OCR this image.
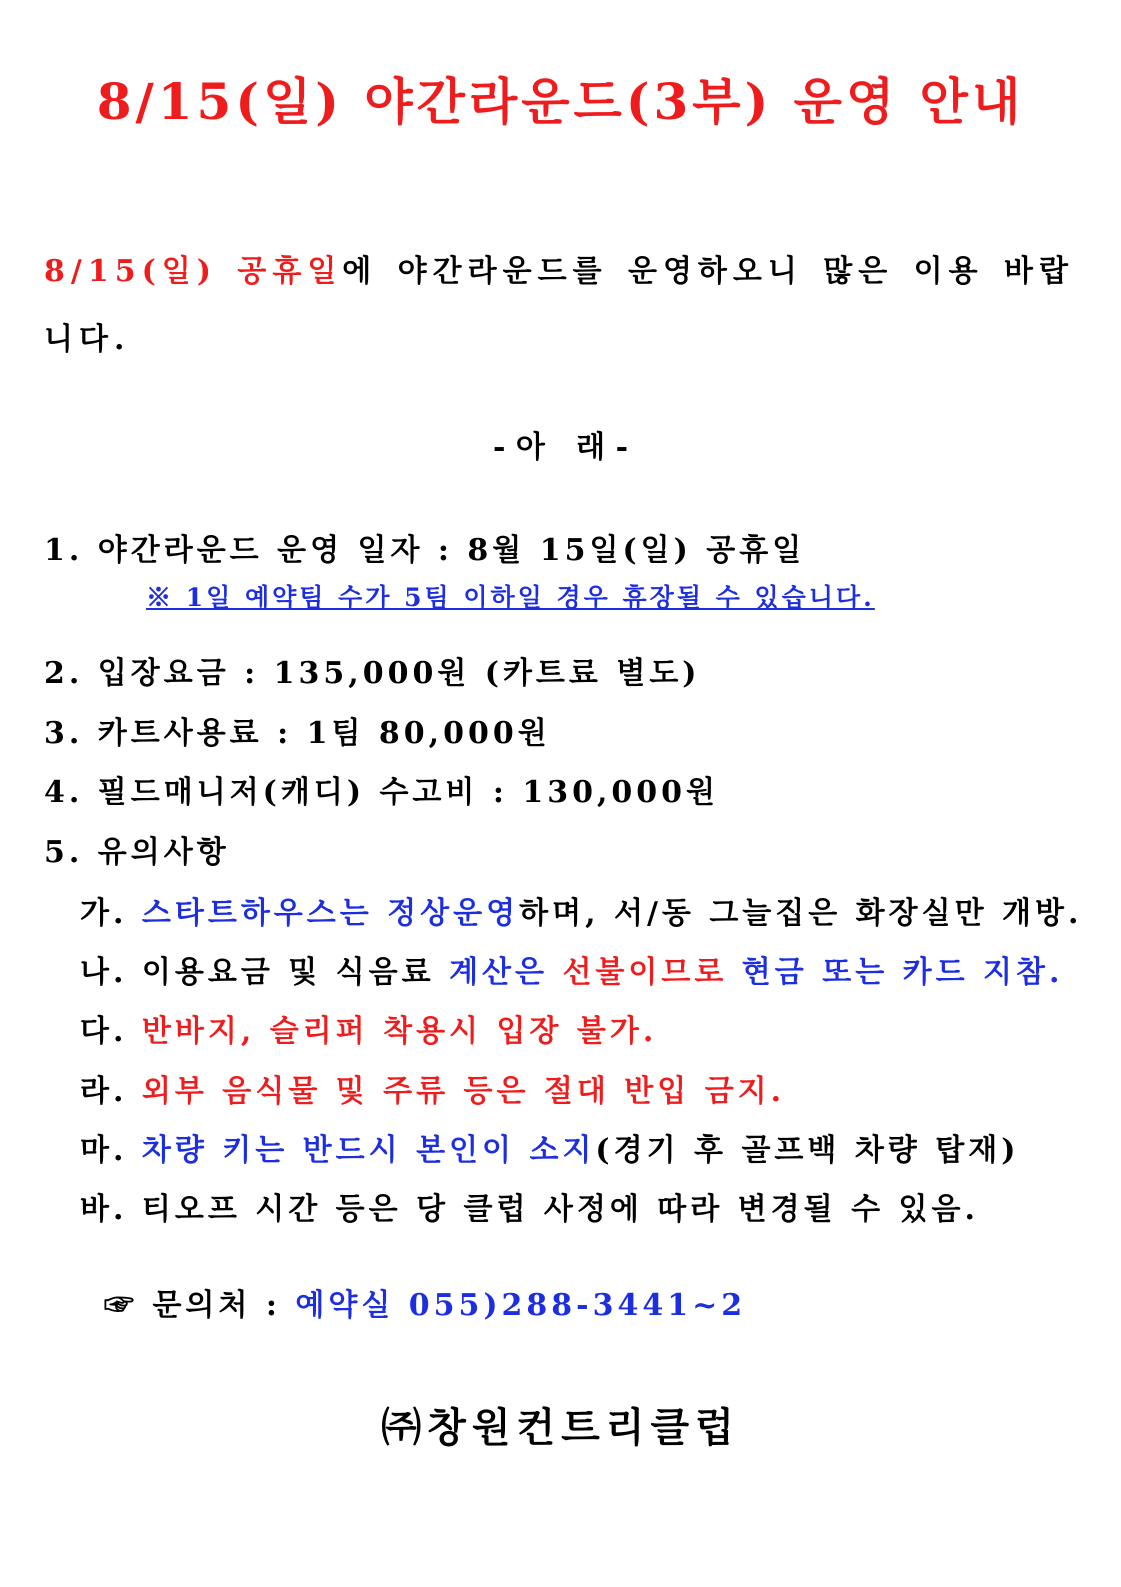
8/15(일) 야간라운드(3부) 운영 안내
8/15(일) 공휴일에 야간라운드를 운영하오니 많은 이용 바랍니다.
- 아   래 -
1. 야간라운드 운영 일자 : 8월 15일(일) 공휴일
※ 1일 예약팀 수가 5팀 이하일 경우 휴장될 수 있습니다.
2. 입장요금 : 135,000원 (카트료 별도)
3. 카트사용료 : 1팀 80,000원
4. 필드매니저(캐디) 수고비 : 130,000원
5. 유의사항
가. 스타트하우스는 정상운영하며, 서/동 그늘집은 화장실만 개방.
나. 이용요금 및 식음료 계산은 선불이므로 현금 또는 카드 지참.
다. 반바지, 슬리퍼 착용시 입장 불가.
라. 외부 음식물 및 주류 등은 절대 반입 금지.
마. 차량 키는 반드시 본인이 소지(경기 후 골프백 차량 탑재)
바. 티오프 시간 등은 당 클럽 사정에 따라 변경될 수 있음.
☞ 문의처 : 예약실 055)288-3441~2
㈜창원컨트리클럽
